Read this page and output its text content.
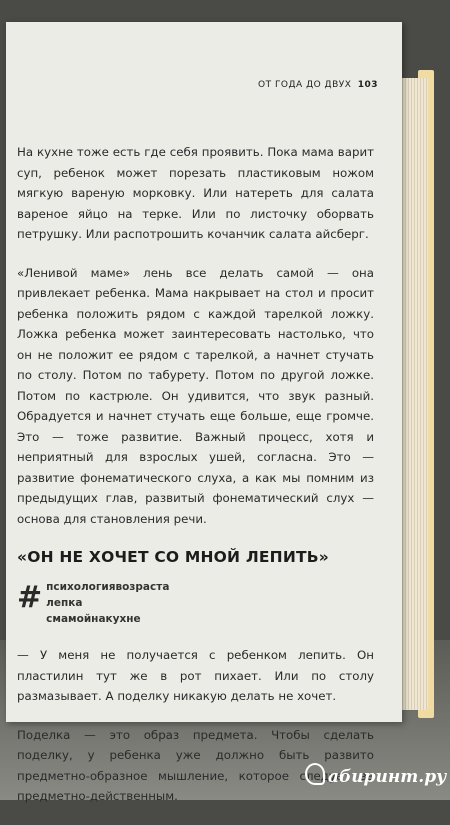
ОТ ГОДА ДО ДВУХ 103

На кухне тоже есть где себя проявить. Пока мама варит суп, ребенок может порезать пластиковым ножом мягкую вареную морковку. Или натереть для салата вареное яйцо на терке. Или по листочку оборвать петрушку. Или распотрошить кочанчик салата айсберг.

«Ленивой маме» лень все делать самой — она привлекает ребенка. Мама накрывает на стол и просит ребенка положить рядом с каждой тарелкой ложку. Ложка ребенка может заинтересовать настолько, что он не положит ее рядом с тарелкой, а начнет стучать по столу. Потом по табурету. Потом по другой ложке. Потом по кастрюле. Он удивится, что звук разный. Обрадуется и начнет стучать еще больше, еще громче. Это — тоже развитие. Важный процесс, хотя и неприятный для взрослых ушей, согласна. Это — развитие фонематического слуха, а как мы помним из предыдущих глав, развитый фонематический слух — основа для становления речи.

«ОН НЕ ХОЧЕТ СО МНОЙ ЛЕПИТЬ»
# психологиявозраста
лепка
смамойнакухне

— У меня не получается с ребенком лепить. Он пластилин тут же в рот пихает. Или по столу размазывает. А поделку никакую делать не хочет.

Поделка — это образ предмета. Чтобы сделать поделку, у ребенка уже должно быть развито предметно-образное мышление, которое следует за предметно-действенным.

абиринт.ру
